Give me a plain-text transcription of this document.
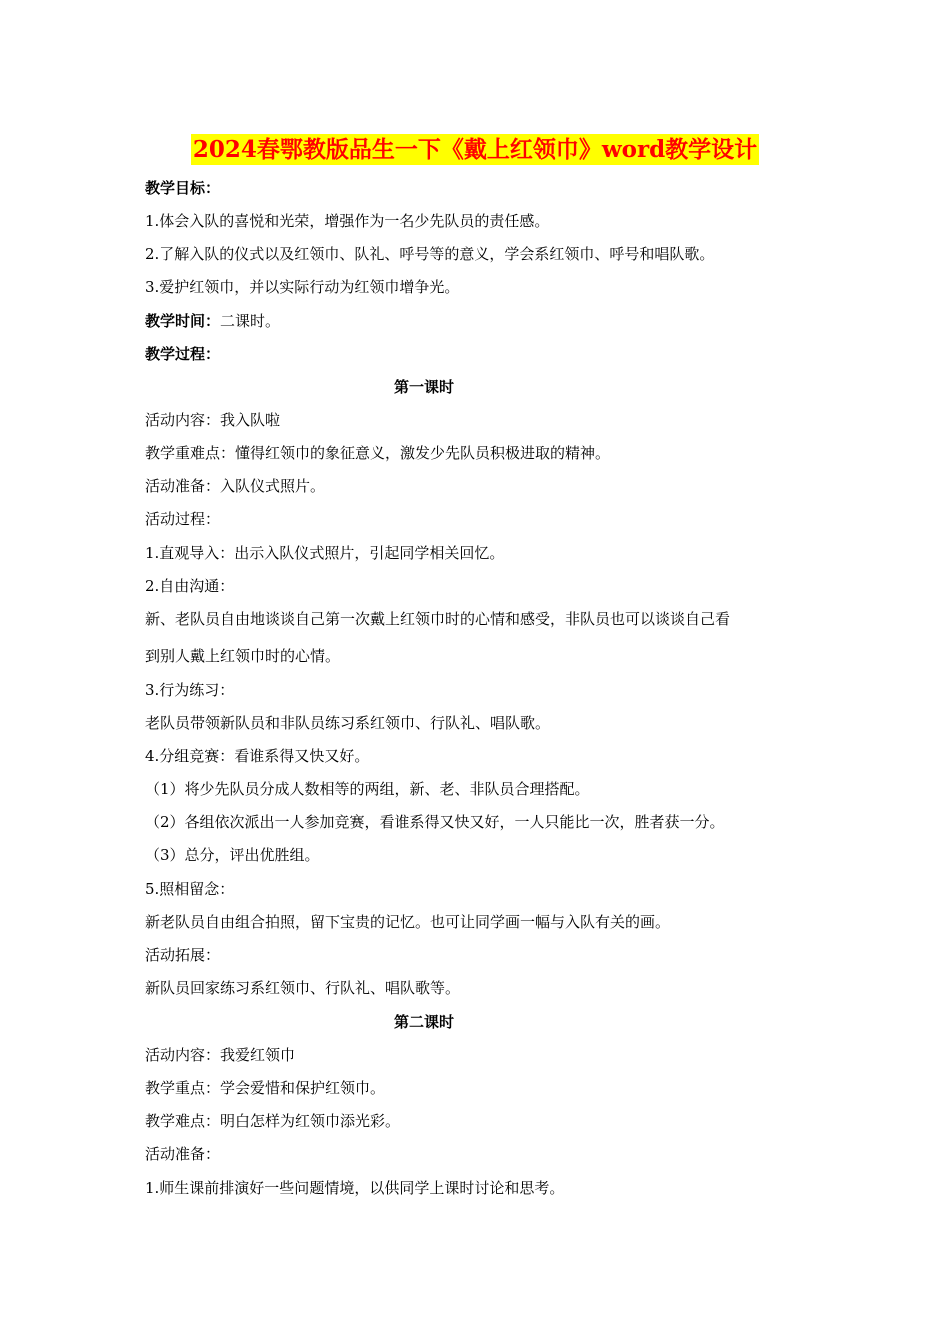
2024春鄂教版品生一下《戴上红领巾》word教学设计
教学目标：
1.体会入队的喜悦和光荣，增强作为一名少先队员的责任感。
2.了解入队的仪式以及红领巾、队礼、呼号等的意义，学会系红领巾、呼号和唱队歌。
3.爱护红领巾，并以实际行动为红领巾增争光。
教学时间：二课时。
教学过程：
第一课时
活动内容：我入队啦
教学重难点：懂得红领巾的象征意义，激发少先队员积极进取的精神。
活动准备：入队仪式照片。
活动过程：
1.直观导入：出示入队仪式照片，引起同学相关回忆。
2.自由沟通：
新、老队员自由地谈谈自己第一次戴上红领巾时的心情和感受，非队员也可以谈谈自己看
到别人戴上红领巾时的心情。
3.行为练习：
老队员带领新队员和非队员练习系红领巾、行队礼、唱队歌。
4.分组竞赛：看谁系得又快又好。
（1）将少先队员分成人数相等的两组，新、老、非队员合理搭配。
（2）各组依次派出一人参加竞赛，看谁系得又快又好，一人只能比一次，胜者获一分。
（3）总分，评出优胜组。
5.照相留念：
新老队员自由组合拍照，留下宝贵的记忆。也可让同学画一幅与入队有关的画。
活动拓展：
新队员回家练习系红领巾、行队礼、唱队歌等。
第二课时
活动内容：我爱红领巾
教学重点：学会爱惜和保护红领巾。
教学难点：明白怎样为红领巾添光彩。
活动准备：
1.师生课前排演好一些问题情境，以供同学上课时讨论和思考。
